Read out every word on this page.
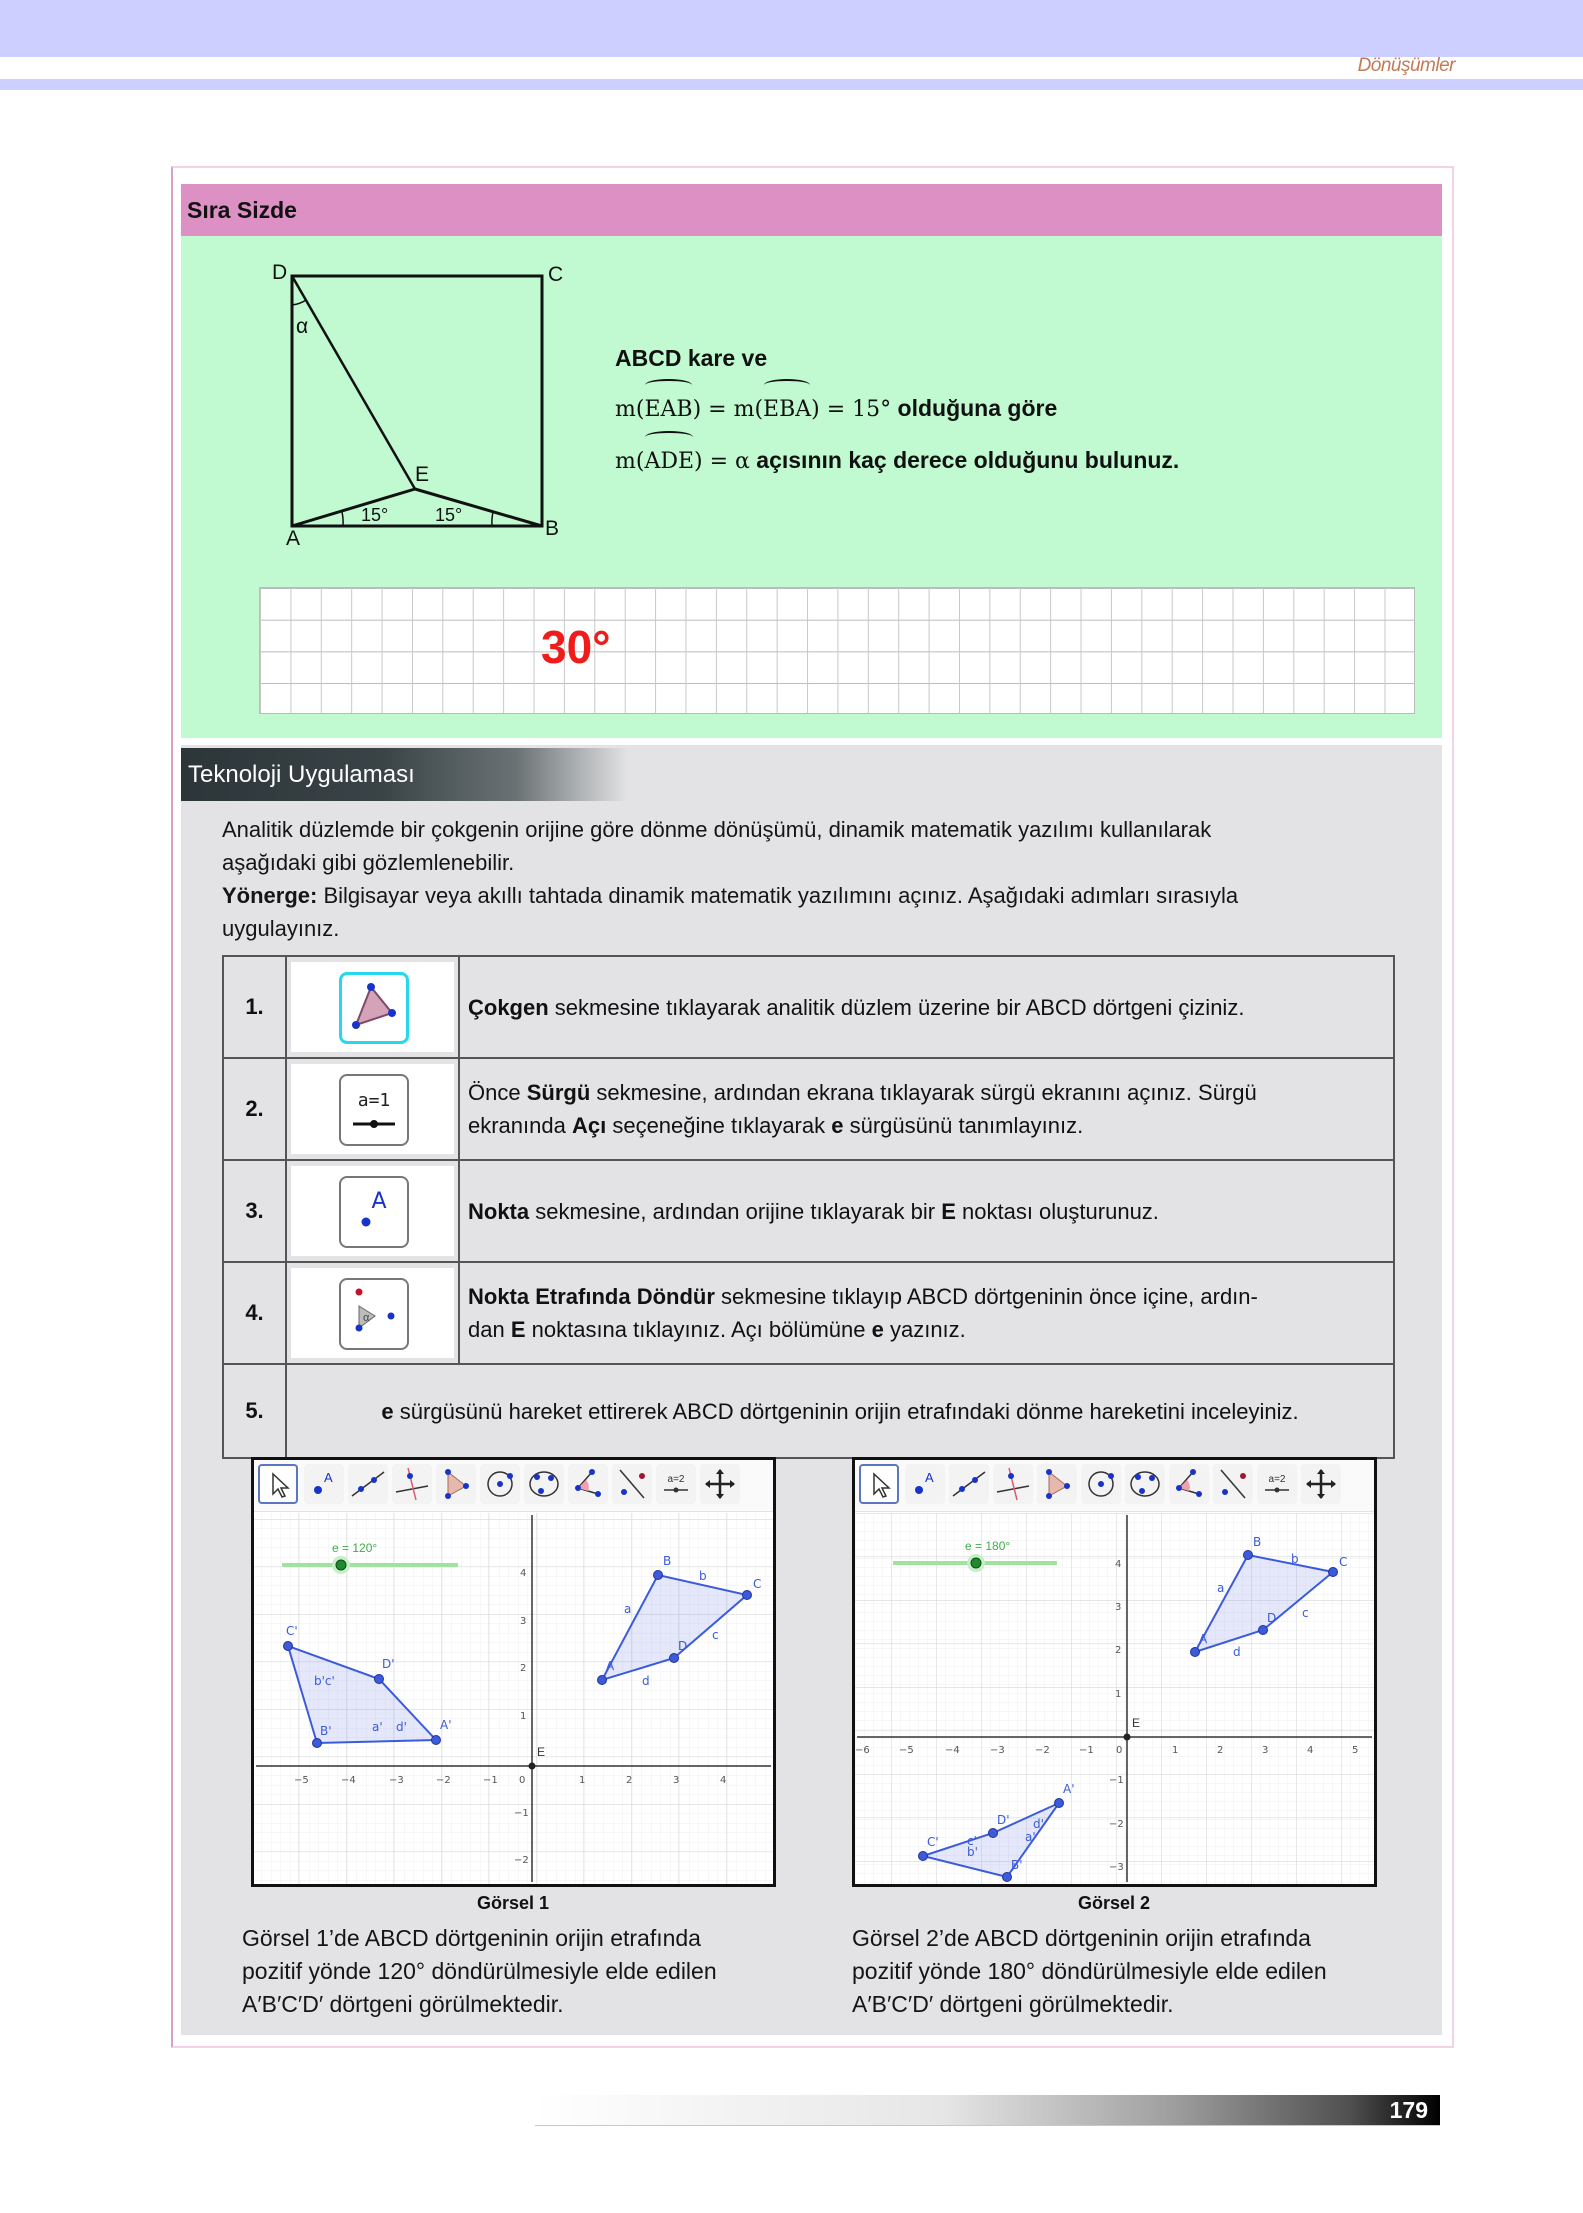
Dönüşümler
Sıra Sizde
D	C
A	B
E
α
15°	15°
ABCD kare ve
m(EAB) = m(EBA) = 15° olduğuna göre
m(ADE) = α açısının kaç derece olduğunu bulunuz.
30°
Teknoloji Uygulaması
Analitik düzlemde bir çokgenin orijine göre dönme dönüşümü, dinamik matematik yazılımı kullanılarak
aşağıdaki gibi gözlemlenebilir.
Yönerge: Bilgisayar veya akıllı tahtada dinamik matematik yazılımını açınız. Aşağıdaki adımları sırasıyla
uygulayınız.
1.		Çokgen sekmesine tıklayarak analitik düzlem üzerine bir ABCD dörtgeni çiziniz.
2.	a=1	Önce Sürgü sekmesine, ardından ekrana tıklayarak sürgü ekranını açınız. Sürgü
ekranında Açı seçeneğine tıklayarak e sürgüsünü tanımlayınız.
3.	A	Nokta sekmesine, ardından orijine tıklayarak bir E noktası oluşturunuz.
4.	α	Nokta Etrafında Döndür sekmesine tıklayıp ABCD dörtgeninin önce içine, ardın-
dan E noktasına tıklayınız. Açı bölümüne e yazınız.
5.	e sürgüsünü hareket ettirerek ABCD dörtgeninin orijin etrafındaki dönme hareketini inceleyiniz.	
A	a=2
−5	−4	−3	−2	−1 0	1	2	3	4
4
3
2
1
−1
−2
e = 120°
A
B
C
D
a
b
c
d
A'
B'
C'
D'
a'
b'c'
d'
E
A	a=2
−6	−5	−4	−3	−2	−1 0	1	2	3	4	5
4
3
2
1
−1
−2
−3
e = 180°
A
B
C
D
a
b
c
d
A'
B'
C'
D'
a'
b'
c'
d'
E
Görsel 1	Görsel 2
Görsel 1’de ABCD dörtgeninin orijin etrafında
pozitif yönde 120° döndürülmesiyle elde edilen
A′B′C′D′ dörtgeni görülmektedir.
Görsel 2’de ABCD dörtgeninin orijin etrafında
pozitif yönde 180° döndürülmesiyle elde edilen
A′B′C′D′ dörtgeni görülmektedir.
179
